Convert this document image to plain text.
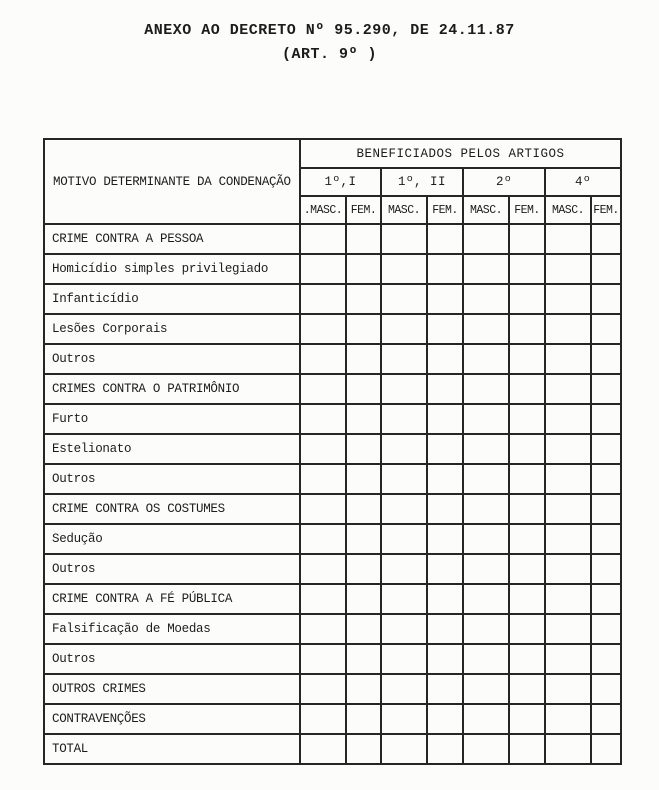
ANEXO AO DECRETO Nº 95.290, DE 24.11.87
(ART. 9º )
MOTIVO DETERMINANTE DA CONDENAÇÃO	BENEFICIADOS PELOS ARTIGOS							
	1º,I		1º, II		2º		4º	
	.MASC.	FEM.	MASC.	FEM.	MASC.	FEM.	MASC.	FEM.
CRIME CONTRA A PESSOA								
Homicídio simples privilegiado								
Infanticídio								
Lesões Corporais								
Outros								
CRIMES CONTRA O PATRIMÔNIO								
Furto								
Estelionato								
Outros								
CRIME CONTRA OS COSTUMES								
Sedução								
Outros								
CRIME CONTRA A FÉ PÚBLICA								
Falsificação de Moedas								
Outros								
OUTROS CRIMES								
CONTRAVENÇÕES								
TOTAL								
